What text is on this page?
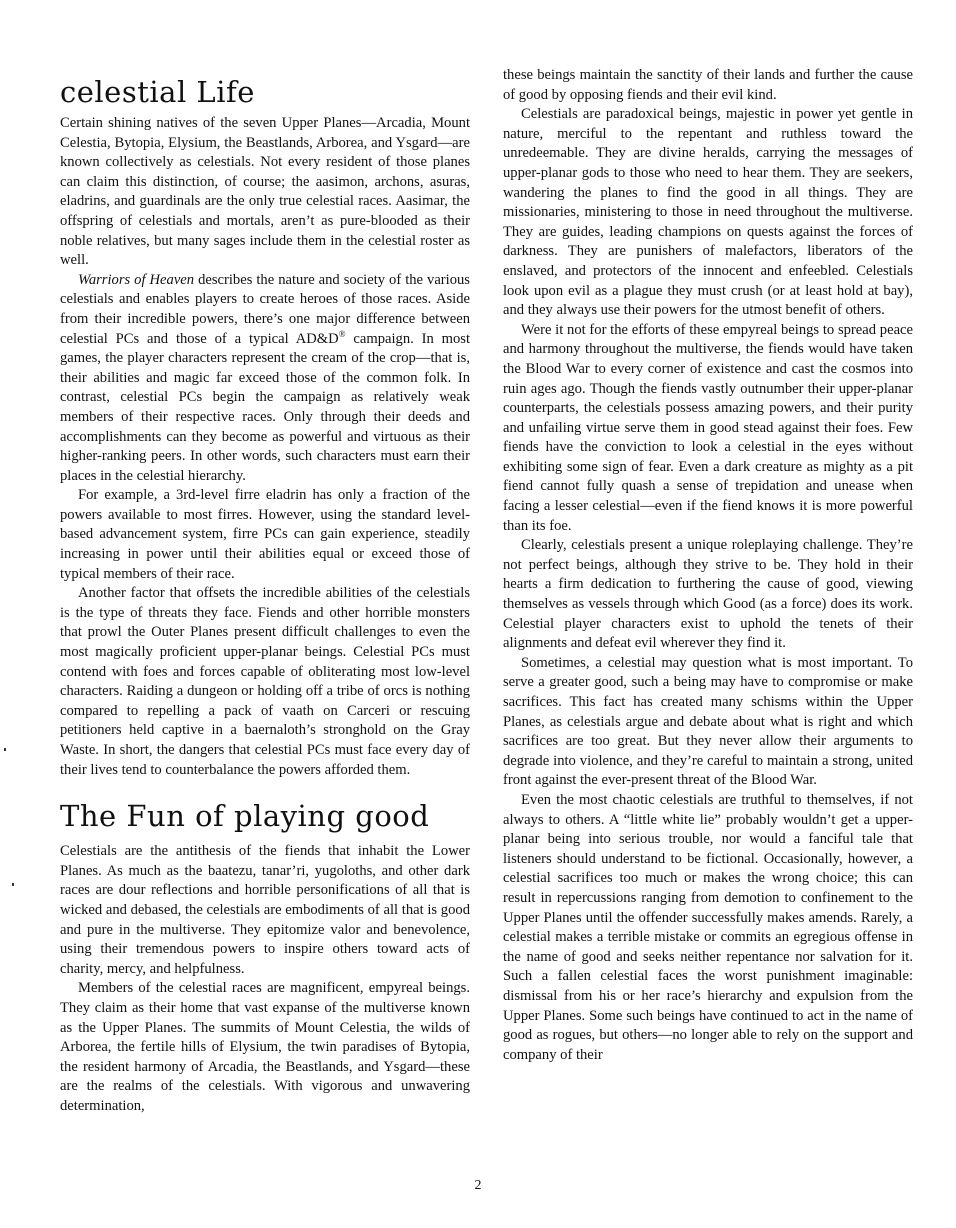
celestial Life

Certain shining natives of the seven Upper Planes—Arcadia, Mount Celestia, Bytopia, Elysium, the Beastlands, Arborea, and Ysgard—are known collectively as celestials. Not every resident of those planes can claim this distinction, of course; the aasimon, archons, asuras, eladrins, and guardinals are the only true celestial races. Aasimar, the offspring of celestials and mortals, aren’t as pure-blooded as their noble relatives, but many sages include them in the celestial roster as well.

Warriors of Heaven describes the nature and society of the various celestials and enables players to create heroes of those races. Aside from their incredible powers, there’s one major difference between celestial PCs and those of a typical AD&D® campaign. In most games, the player characters represent the cream of the crop—that is, their abilities and magic far exceed those of the common folk. In contrast, celestial PCs begin the campaign as relatively weak members of their respective races. Only through their deeds and accomplishments can they become as powerful and virtuous as their higher-ranking peers. In other words, such characters must earn their places in the celestial hierarchy.

For example, a 3rd-level firre eladrin has only a fraction of the powers available to most firres. However, using the standard level-based advancement system, firre PCs can gain experience, steadily increasing in power until their abilities equal or exceed those of typical members of their race.

Another factor that offsets the incredible abilities of the celestials is the type of threats they face. Fiends and other horrible monsters that prowl the Outer Planes present difficult challenges to even the most magically proficient upper-planar beings. Celestial PCs must contend with foes and forces capable of obliterating most low-level characters. Raiding a dungeon or holding off a tribe of orcs is nothing compared to repelling a pack of vaath on Carceri or rescuing petitioners held captive in a baernaloth’s stronghold on the Gray Waste. In short, the dangers that celestial PCs must face every day of their lives tend to counterbalance the powers afforded them.

The Fun of playing good

Celestials are the antithesis of the fiends that inhabit the Lower Planes. As much as the baatezu, tanar’ri, yugoloths, and other dark races are dour reflections and horrible personifications of all that is wicked and debased, the celestials are embodiments of all that is good and pure in the multiverse. They epitomize valor and benevolence, using their tremendous powers to inspire others toward acts of charity, mercy, and helpfulness.

Members of the celestial races are magnificent, empyreal beings. They claim as their home that vast expanse of the multiverse known as the Upper Planes. The summits of Mount Celestia, the wilds of Arborea, the fertile hills of Elysium, the twin paradises of Bytopia, the resident harmony of Arcadia, the Beastlands, and Ysgard—these are the realms of the celestials. With vigorous and unwavering determination,

these beings maintain the sanctity of their lands and further the cause of good by opposing fiends and their evil kind.

Celestials are paradoxical beings, majestic in power yet gentle in nature, merciful to the repentant and ruthless toward the unredeemable. They are divine heralds, carrying the messages of upper-planar gods to those who need to hear them. They are seekers, wandering the planes to find the good in all things. They are missionaries, ministering to those in need throughout the multiverse. They are guides, leading champions on quests against the forces of darkness. They are punishers of malefactors, liberators of the enslaved, and protectors of the innocent and enfeebled. Celestials look upon evil as a plague they must crush (or at least hold at bay), and they always use their powers for the utmost benefit of others.

Were it not for the efforts of these empyreal beings to spread peace and harmony throughout the multiverse, the fiends would have taken the Blood War to every corner of existence and cast the cosmos into ruin ages ago. Though the fiends vastly outnumber their upper-planar counterparts, the celestials possess amazing powers, and their purity and unfailing virtue serve them in good stead against their foes. Few fiends have the conviction to look a celestial in the eyes without exhibiting some sign of fear. Even a dark creature as mighty as a pit fiend cannot fully quash a sense of trepidation and unease when facing a lesser celestial—even if the fiend knows it is more powerful than its foe.

Clearly, celestials present a unique roleplaying challenge. They’re not perfect beings, although they strive to be. They hold in their hearts a firm dedication to furthering the cause of good, viewing themselves as vessels through which Good (as a force) does its work. Celestial player characters exist to uphold the tenets of their alignments and defeat evil wherever they find it.

Sometimes, a celestial may question what is most important. To serve a greater good, such a being may have to compromise or make sacrifices. This fact has created many schisms within the Upper Planes, as celestials argue and debate about what is right and which sacrifices are too great. But they never allow their arguments to degrade into violence, and they’re careful to maintain a strong, united front against the ever-present threat of the Blood War.

Even the most chaotic celestials are truthful to themselves, if not always to others. A “little white lie” probably wouldn’t get a upper-planar being into serious trouble, nor would a fanciful tale that listeners should understand to be fictional. Occasionally, however, a celestial sacrifices too much or makes the wrong choice; this can result in repercussions ranging from demotion to confinement to the Upper Planes until the offender successfully makes amends. Rarely, a celestial makes a terrible mistake or commits an egregious offense in the name of good and seeks neither repentance nor salvation for it. Such a fallen celestial faces the worst punishment imaginable: dismissal from his or her race’s hierarchy and expulsion from the Upper Planes. Some such beings have continued to act in the name of good as rogues, but others—no longer able to rely on the support and company of their

2
